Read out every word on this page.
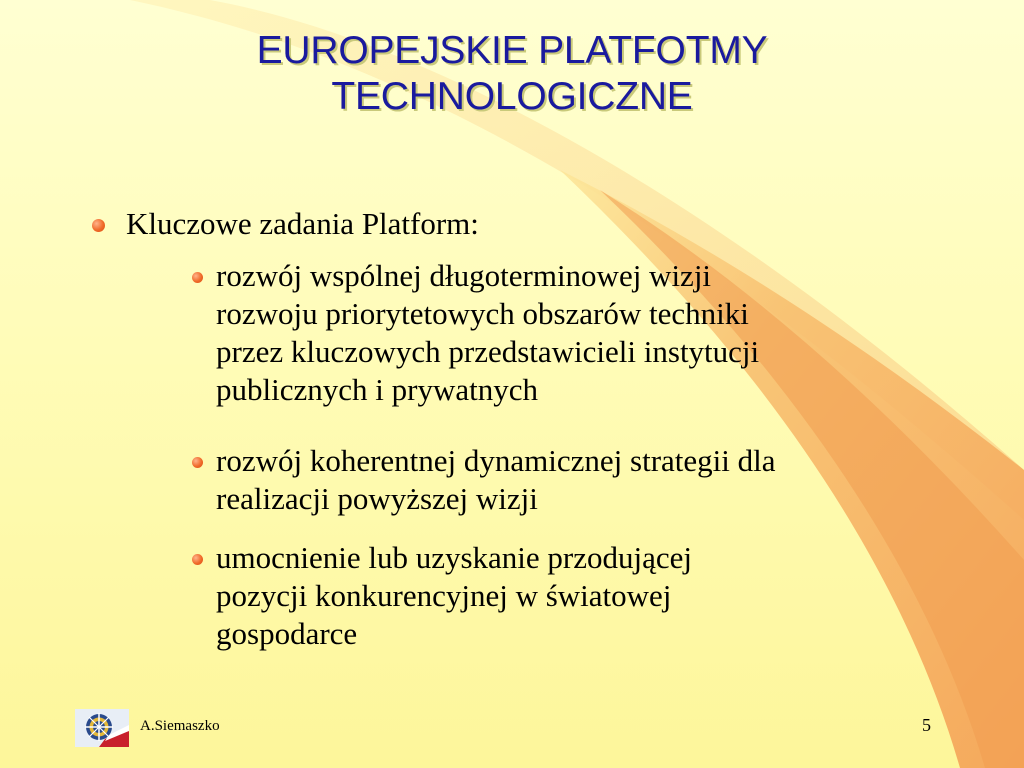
EUROPEJSKIE PLATFOTMY
TECHNOLOGICZNE
Kluczowe zadania Platform:
rozwój wspólnej długoterminowej wizji
rozwoju priorytetowych obszarów techniki
przez kluczowych przedstawicieli instytucji
publicznych i prywatnych
rozwój koherentnej dynamicznej strategii dla
realizacji powyższej wizji
umocnienie lub uzyskanie przodującej
pozycji konkurencyjnej w światowej
gospodarce
A.Siemaszko	5
